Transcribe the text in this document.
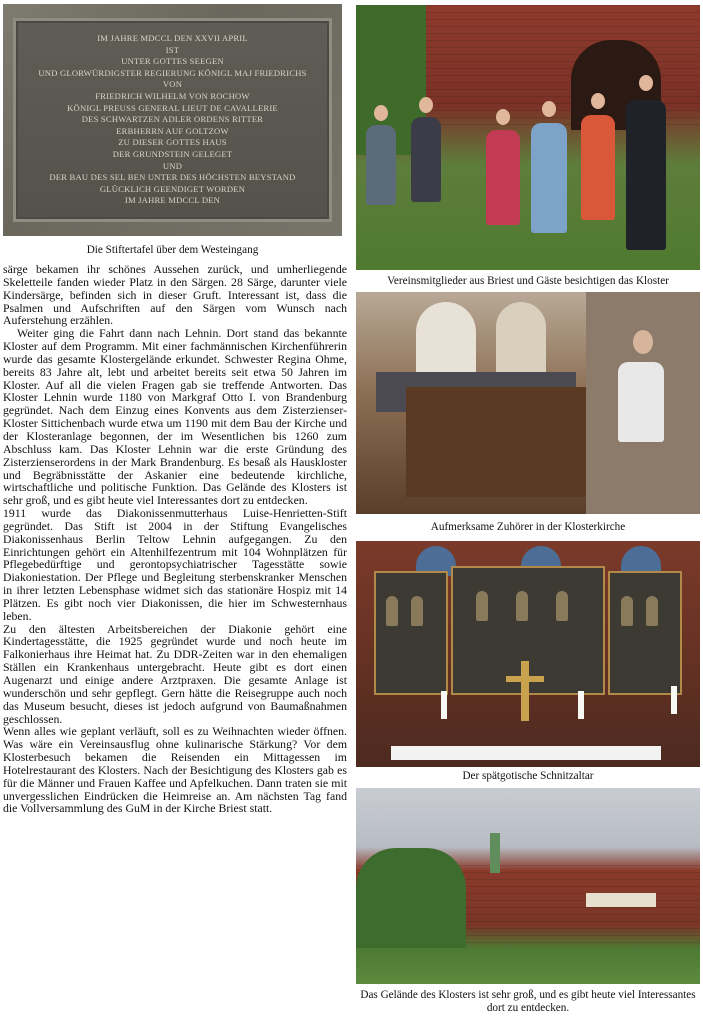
IM JAHRE MDCCL DEN XXVII APRIL
IST
UNTER GOTTES SEEGEN
UND GLORWÜRDIGSTER REGIERUNG KÖNIGL MAJ FRIEDRICHS
VON
FRIEDRICH WILHELM VON ROCHOW
KÖNIGL PREUSS GENERAL LIEUT DE CAVALLERIE
DES SCHWARTZEN ADLER ORDENS RITTER
ERBHERRN AUF GOLTZOW
ZU DIESER GOTTES HAUS
DER GRUNDSTEIN GELEGET
UND
DER BAU DES SEL BEN UNTER DES HÖCHSTEN BEYSTAND
GLÜCKLICH GEENDIGET WORDEN
IM JAHRE MDCCL DEN
Die Stiftertafel über dem Westeingang

särge bekamen ihr schönes Aussehen zurück, und umherliegende Skeletteile fanden wieder Platz in den Särgen. 28 Särge, darunter viele Kindersärge, befinden sich in dieser Gruft. Interessant ist, dass die Psalmen und Aufschriften auf den Särgen vom Wunsch nach Auferstehung erzählen.

Weiter ging die Fahrt dann nach Lehnin. Dort stand das bekannte Kloster auf dem Programm. Mit einer fachmännischen Kirchenführerin wurde das gesamte Klostergelände erkundet. Schwester Regina Ohme, bereits 83 Jahre alt, lebt und arbeitet bereits seit etwa 50 Jahren im Kloster. Auf all die vielen Fragen gab sie treffende Antworten. Das Kloster Lehnin wurde 1180 von Markgraf Otto I. von Brandenburg gegründet. Nach dem Einzug eines Konvents aus dem Zisterzienser- Kloster Sittichenbach wurde etwa um 1190 mit dem Bau der Kirche und der Klosteranlage begonnen, der im Wesentlichen bis 1260 zum Abschluss kam. Das Kloster Lehnin war die erste Gründung des Zisterzienserordens in der Mark Brandenburg. Es besaß als Hauskloster und Begräbnisstätte der Askanier eine bedeutende kirchliche, wirtschaftliche und politische Funktion. Das Gelände des Klosters ist sehr groß, und es gibt heute viel Interessantes dort zu entdecken.

1911 wurde das Diakonissenmutterhaus Luise-Henrietten-Stift gegründet. Das Stift ist 2004 in der Stiftung Evangelisches Diakonissenhaus Berlin Teltow Lehnin aufgegangen. Zu den Einrichtungen gehört ein Altenhilfezentrum mit 104 Wohnplätzen für Pflegebedürftige und gerontopsychiatrischer Tagesstätte sowie Diakoniestation. Der Pflege und Begleitung sterbenskranker Menschen in ihrer letzten Lebensphase widmet sich das stationäre Hospiz mit 14 Plätzen. Es gibt noch vier Diakonissen, die hier im Schwesternhaus leben.

Zu den ältesten Arbeitsbereichen der Diakonie gehört eine Kindertagesstätte, die 1925 gegründet wurde und noch heute im Falkonierhaus ihre Heimat hat. Zu DDR-Zeiten war in den ehemaligen Ställen ein Krankenhaus untergebracht. Heute gibt es dort einen Augenarzt und einige andere Arztpraxen. Die gesamte Anlage ist wunderschön und sehr gepflegt. Gern hätte die Reisegruppe auch noch das Museum besucht, dieses ist jedoch aufgrund von Baumaßnahmen geschlossen.

Wenn alles wie geplant verläuft, soll es zu Weihnachten wieder öffnen. Was wäre ein Vereinsausflug ohne kulinarische Stärkung? Vor dem Klosterbesuch bekamen die Reisenden ein Mittagessen im Hotelrestaurant des Klosters. Nach der Besichtigung des Klosters gab es für die Männer und Frauen Kaffee und Apfelkuchen. Dann traten sie mit unvergesslichen Eindrücken die Heimreise an. Am nächsten Tag fand die Vollversammlung des GuM in der Kirche Briest statt.

Vereinsmitglieder aus Briest und Gäste besichtigen das Kloster
Aufmerksame Zuhörer in der Klosterkirche
Der spätgotische Schnitzaltar
Das Gelände des Klosters ist sehr groß, und es gibt heute viel Interessantes dort zu entdecken.
